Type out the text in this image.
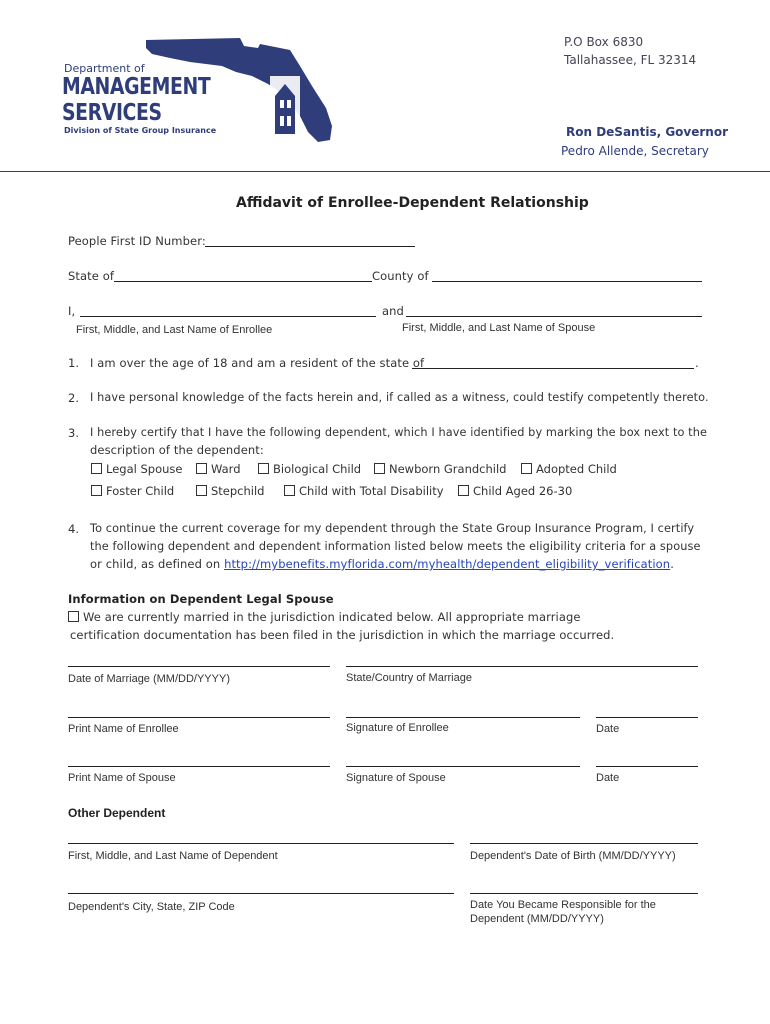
Department of
MANAGEMENT
SERVICES
Division of State Group Insurance
P.O Box 6830
Tallahassee, FL 32314
Ron DeSantis, Governor
Pedro Allende, Secretary
Affidavit of Enrollee-Dependent Relationship
People First ID Number:
State of	County of
I,	and
First, Middle, and Last Name of Enrollee	First, Middle, and Last Name of Spouse
1. I am over the age of 18 and am a resident of the state of	.
2. I have personal knowledge of the facts herein and, if called as a witness, could testify competently thereto.
3. I hereby certify that I have the following dependent, which I have identified by marking the box next to the
description of the dependent:
Legal Spouse	Ward	Biological Child	Newborn Grandchild	Adopted Child
Foster Child	Stepchild	Child with Total Disability	Child Aged 26-30
4. To continue the current coverage for my dependent through the State Group Insurance Program, I certify
the following dependent and dependent information listed below meets the eligibility criteria for a spouse
or child, as defined on http://mybenefits.myflorida.com/myhealth/dependent_eligibility_verification.
Information on Dependent Legal Spouse
We are currently married in the jurisdiction indicated below. All appropriate marriage
certification documentation has been filed in the jurisdiction in which the marriage occurred.
Date of Marriage (MM/DD/YYYY)	State/Country of Marriage
Print Name of Enrollee	Signature of Enrollee	Date
Print Name of Spouse	Signature of Spouse	Date
Other Dependent
First, Middle, and Last Name of Dependent	Dependent's Date of Birth (MM/DD/YYYY)
Dependent's City, State, ZIP Code	Date You Became Responsible for the
Dependent (MM/DD/YYYY)
